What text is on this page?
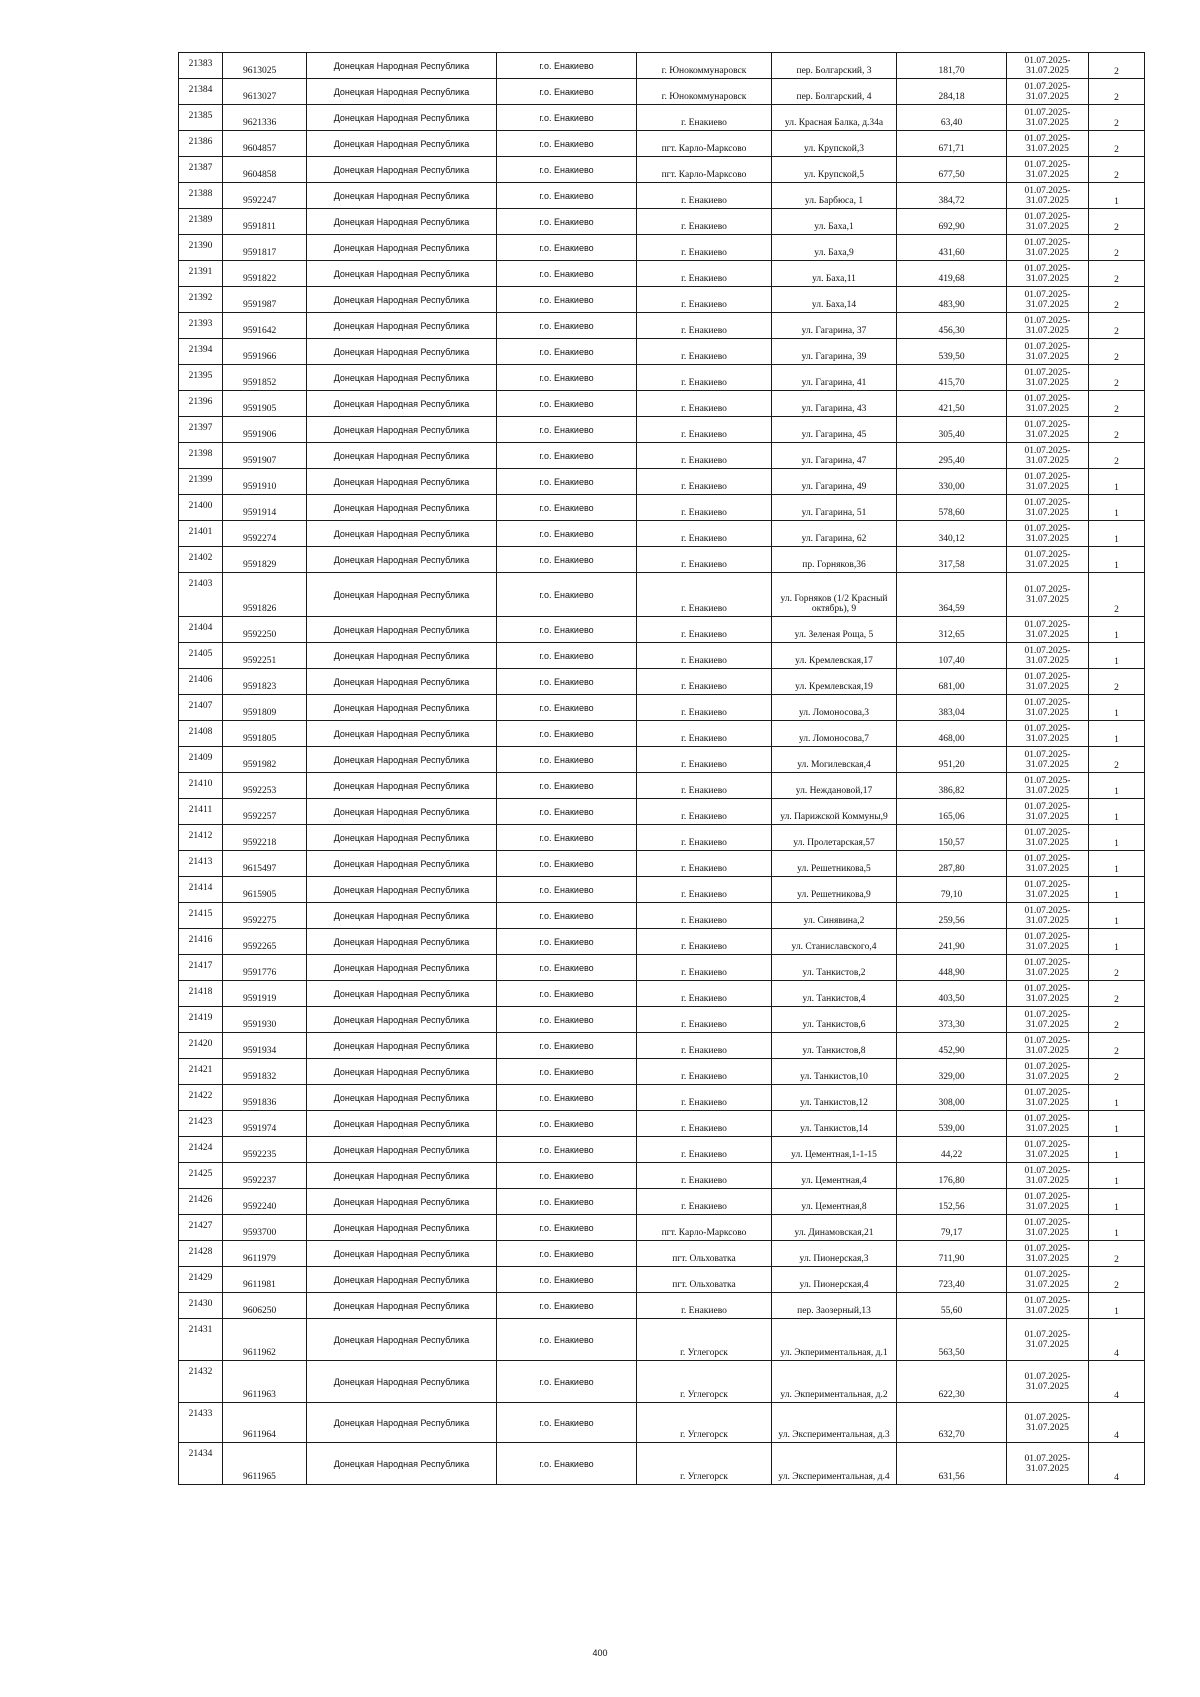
21383	9613025	Донецкая Народная Республика	г.о. Енакиево	г. Юнокоммунаровск	пер. Болгарский, 3	181,70	01.07.2025- 31.07.2025	2
21384	9613027	Донецкая Народная Республика	г.о. Енакиево	г. Юнокоммунаровск	пер. Болгарский, 4	284,18	01.07.2025- 31.07.2025	2
21385	9621336	Донецкая Народная Республика	г.о. Енакиево	г. Енакиево	ул. Красная Балка, д.34а	63,40	01.07.2025- 31.07.2025	2
21386	9604857	Донецкая Народная Республика	г.о. Енакиево	пгт. Карло-Марксово	ул. Крупской,3	671,71	01.07.2025- 31.07.2025	2
21387	9604858	Донецкая Народная Республика	г.о. Енакиево	пгт. Карло-Марксово	ул. Крупской,5	677,50	01.07.2025- 31.07.2025	2
21388	9592247	Донецкая Народная Республика	г.о. Енакиево	г. Енакиево	ул. Барбюса, 1	384,72	01.07.2025- 31.07.2025	1
21389	9591811	Донецкая Народная Республика	г.о. Енакиево	г. Енакиево	ул. Баха,1	692,90	01.07.2025- 31.07.2025	2
21390	9591817	Донецкая Народная Республика	г.о. Енакиево	г. Енакиево	ул. Баха,9	431,60	01.07.2025- 31.07.2025	2
21391	9591822	Донецкая Народная Республика	г.о. Енакиево	г. Енакиево	ул. Баха,11	419,68	01.07.2025- 31.07.2025	2
21392	9591987	Донецкая Народная Республика	г.о. Енакиево	г. Енакиево	ул. Баха,14	483,90	01.07.2025- 31.07.2025	2
21393	9591642	Донецкая Народная Республика	г.о. Енакиево	г. Енакиево	ул. Гагарина, 37	456,30	01.07.2025- 31.07.2025	2
21394	9591966	Донецкая Народная Республика	г.о. Енакиево	г. Енакиево	ул. Гагарина, 39	539,50	01.07.2025- 31.07.2025	2
21395	9591852	Донецкая Народная Республика	г.о. Енакиево	г. Енакиево	ул. Гагарина, 41	415,70	01.07.2025- 31.07.2025	2
21396	9591905	Донецкая Народная Республика	г.о. Енакиево	г. Енакиево	ул. Гагарина, 43	421,50	01.07.2025- 31.07.2025	2
21397	9591906	Донецкая Народная Республика	г.о. Енакиево	г. Енакиево	ул. Гагарина, 45	305,40	01.07.2025- 31.07.2025	2
21398	9591907	Донецкая Народная Республика	г.о. Енакиево	г. Енакиево	ул. Гагарина, 47	295,40	01.07.2025- 31.07.2025	2
21399	9591910	Донецкая Народная Республика	г.о. Енакиево	г. Енакиево	ул. Гагарина, 49	330,00	01.07.2025- 31.07.2025	1
21400	9591914	Донецкая Народная Республика	г.о. Енакиево	г. Енакиево	ул. Гагарина, 51	578,60	01.07.2025- 31.07.2025	1
21401	9592274	Донецкая Народная Республика	г.о. Енакиево	г. Енакиево	ул. Гагарина, 62	340,12	01.07.2025- 31.07.2025	1
21402	9591829	Донецкая Народная Республика	г.о. Енакиево	г. Енакиево	пр. Горняков,36	317,58	01.07.2025- 31.07.2025	1
21403	9591826	Донецкая Народная Республика	г.о. Енакиево	г. Енакиево	ул. Горняков (1/2 Красный октябрь), 9	364,59	01.07.2025- 31.07.2025	2
21404	9592250	Донецкая Народная Республика	г.о. Енакиево	г. Енакиево	ул. Зеленая Роща, 5	312,65	01.07.2025- 31.07.2025	1
21405	9592251	Донецкая Народная Республика	г.о. Енакиево	г. Енакиево	ул. Кремлевская,17	107,40	01.07.2025- 31.07.2025	1
21406	9591823	Донецкая Народная Республика	г.о. Енакиево	г. Енакиево	ул. Кремлевская,19	681,00	01.07.2025- 31.07.2025	2
21407	9591809	Донецкая Народная Республика	г.о. Енакиево	г. Енакиево	ул. Ломоносова,3	383,04	01.07.2025- 31.07.2025	1
21408	9591805	Донецкая Народная Республика	г.о. Енакиево	г. Енакиево	ул. Ломоносова,7	468,00	01.07.2025- 31.07.2025	1
21409	9591982	Донецкая Народная Республика	г.о. Енакиево	г. Енакиево	ул. Могилевская,4	951,20	01.07.2025- 31.07.2025	2
21410	9592253	Донецкая Народная Республика	г.о. Енакиево	г. Енакиево	ул. Неждановой,17	386,82	01.07.2025- 31.07.2025	1
21411	9592257	Донецкая Народная Республика	г.о. Енакиево	г. Енакиево	ул. Парижской Коммуны,9	165,06	01.07.2025- 31.07.2025	1
21412	9592218	Донецкая Народная Республика	г.о. Енакиево	г. Енакиево	ул. Пролетарская,57	150,57	01.07.2025- 31.07.2025	1
21413	9615497	Донецкая Народная Республика	г.о. Енакиево	г. Енакиево	ул. Решетникова,5	287,80	01.07.2025- 31.07.2025	1
21414	9615905	Донецкая Народная Республика	г.о. Енакиево	г. Енакиево	ул. Решетникова,9	79,10	01.07.2025- 31.07.2025	1
21415	9592275	Донецкая Народная Республика	г.о. Енакиево	г. Енакиево	ул. Синявина,2	259,56	01.07.2025- 31.07.2025	1
21416	9592265	Донецкая Народная Республика	г.о. Енакиево	г. Енакиево	ул. Станиславского,4	241,90	01.07.2025- 31.07.2025	1
21417	9591776	Донецкая Народная Республика	г.о. Енакиево	г. Енакиево	ул. Танкистов,2	448,90	01.07.2025- 31.07.2025	2
21418	9591919	Донецкая Народная Республика	г.о. Енакиево	г. Енакиево	ул. Танкистов,4	403,50	01.07.2025- 31.07.2025	2
21419	9591930	Донецкая Народная Республика	г.о. Енакиево	г. Енакиево	ул. Танкистов,6	373,30	01.07.2025- 31.07.2025	2
21420	9591934	Донецкая Народная Республика	г.о. Енакиево	г. Енакиево	ул. Танкистов,8	452,90	01.07.2025- 31.07.2025	2
21421	9591832	Донецкая Народная Республика	г.о. Енакиево	г. Енакиево	ул. Танкистов,10	329,00	01.07.2025- 31.07.2025	2
21422	9591836	Донецкая Народная Республика	г.о. Енакиево	г. Енакиево	ул. Танкистов,12	308,00	01.07.2025- 31.07.2025	1
21423	9591974	Донецкая Народная Республика	г.о. Енакиево	г. Енакиево	ул. Танкистов,14	539,00	01.07.2025- 31.07.2025	1
21424	9592235	Донецкая Народная Республика	г.о. Енакиево	г. Енакиево	ул. Цементная,1-1-15	44,22	01.07.2025- 31.07.2025	1
21425	9592237	Донецкая Народная Республика	г.о. Енакиево	г. Енакиево	ул. Цементная,4	176,80	01.07.2025- 31.07.2025	1
21426	9592240	Донецкая Народная Республика	г.о. Енакиево	г. Енакиево	ул. Цементная,8	152,56	01.07.2025- 31.07.2025	1
21427	9593700	Донецкая Народная Республика	г.о. Енакиево	пгт. Карло-Марксово	ул. Динамовская,21	79,17	01.07.2025- 31.07.2025	1
21428	9611979	Донецкая Народная Республика	г.о. Енакиево	пгт. Ольховатка	ул. Пионерская,3	711,90	01.07.2025- 31.07.2025	2
21429	9611981	Донецкая Народная Республика	г.о. Енакиево	пгт. Ольховатка	ул. Пионерская,4	723,40	01.07.2025- 31.07.2025	2
21430	9606250	Донецкая Народная Республика	г.о. Енакиево	г. Енакиево	пер. Заозерный,13	55,60	01.07.2025- 31.07.2025	1
21431	9611962	Донецкая Народная Республика	г.о. Енакиево	г. Углегорск	ул. Экпериментальная, д.1	563,50	01.07.2025- 31.07.2025	4
21432	9611963	Донецкая Народная Республика	г.о. Енакиево	г. Углегорск	ул. Экпериментальная, д.2	622,30	01.07.2025- 31.07.2025	4
21433	9611964	Донецкая Народная Республика	г.о. Енакиево	г. Углегорск	ул. Экспериментальная, д.3	632,70	01.07.2025- 31.07.2025	4
21434	9611965	Донецкая Народная Республика	г.о. Енакиево	г. Углегорск	ул. Экспериментальная, д.4	631,56	01.07.2025- 31.07.2025	4
400
